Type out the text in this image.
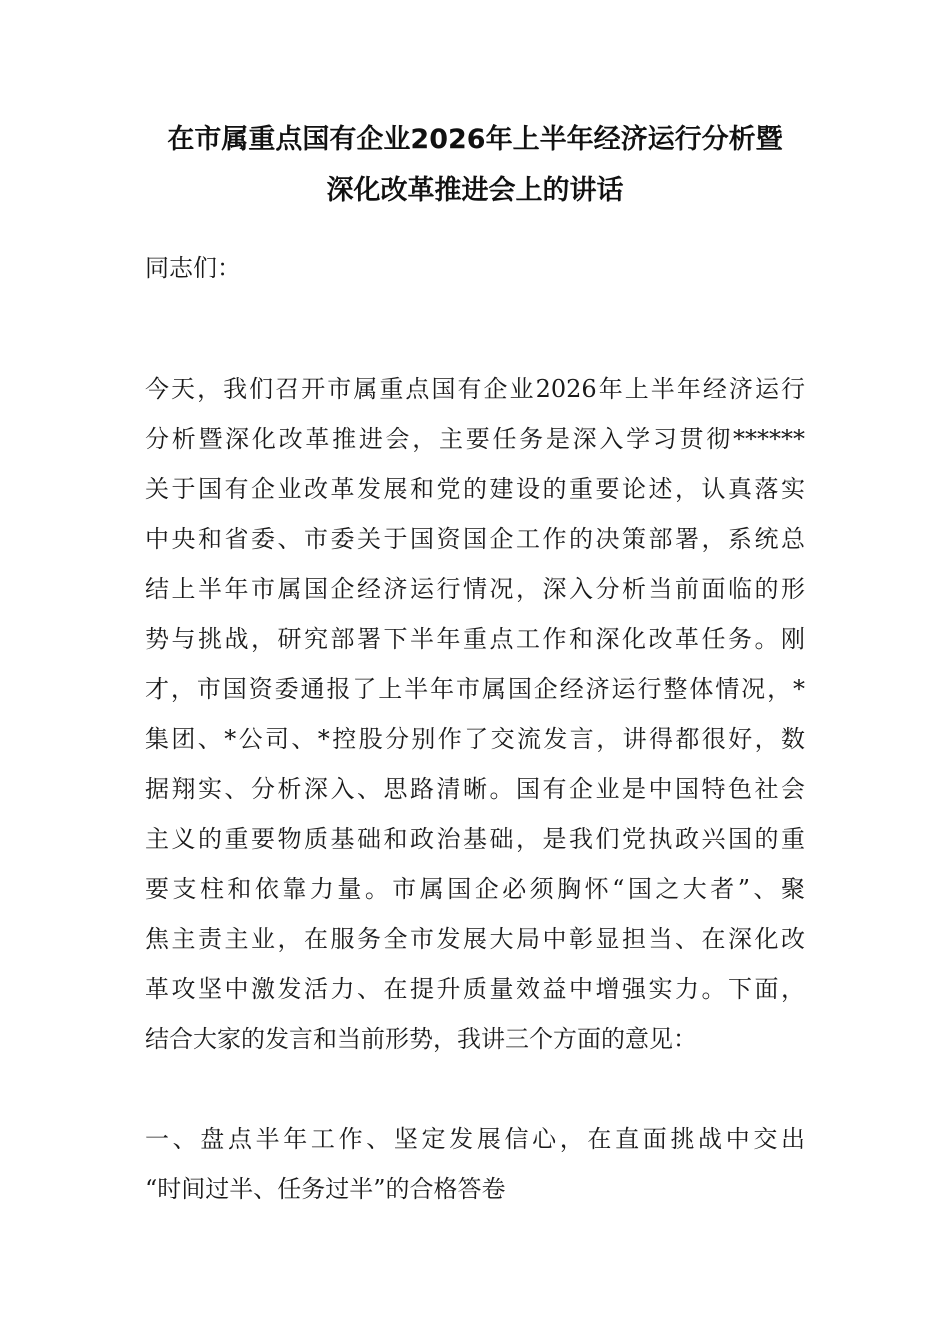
在市属重点国有企业2026年上半年经济运行分析暨
深化改革推进会上的讲话
同志们：
今天，我们召开市属重点国有企业2026年上半年经济运行
分析暨深化改革推进会，主要任务是深入学习贯彻******
关于国有企业改革发展和党的建设的重要论述，认真落实
中央和省委、市委关于国资国企工作的决策部署，系统总
结上半年市属国企经济运行情况，深入分析当前面临的形
势与挑战，研究部署下半年重点工作和深化改革任务。刚
才，市国资委通报了上半年市属国企经济运行整体情况，*
集团、*公司、*控股分别作了交流发言，讲得都很好，数
据翔实、分析深入、思路清晰。国有企业是中国特色社会
主义的重要物质基础和政治基础，是我们党执政兴国的重
要支柱和依靠力量。市属国企必须胸怀“国之大者”、聚
焦主责主业，在服务全市发展大局中彰显担当、在深化改
革攻坚中激发活力、在提升质量效益中增强实力。下面，
结合大家的发言和当前形势，我讲三个方面的意见：
一、盘点半年工作、坚定发展信心，在直面挑战中交出
“时间过半、任务过半”的合格答卷
